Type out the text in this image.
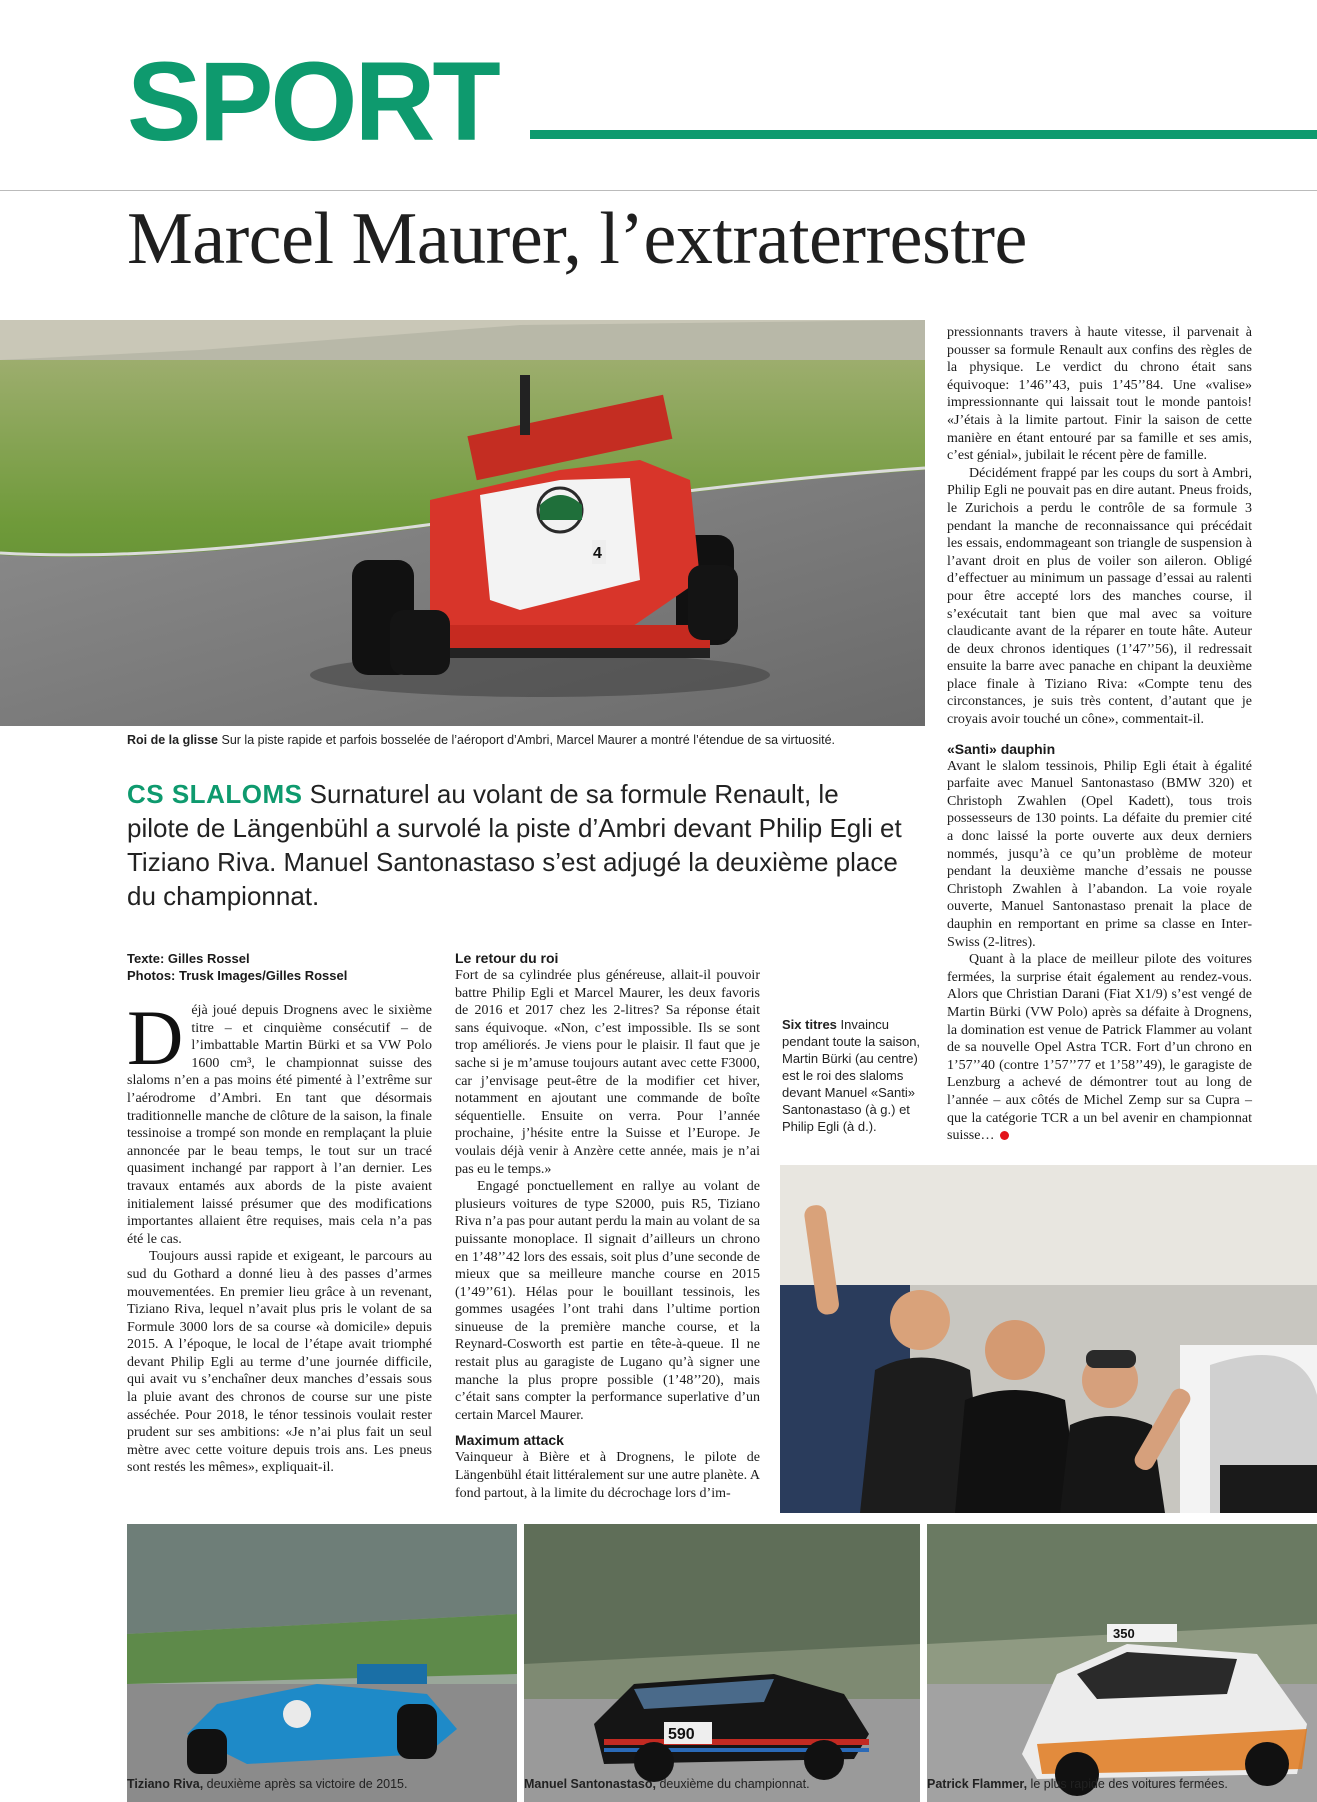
SPORT
Marcel Maurer, l’extraterrestre
4
Roi de la glisse Sur la piste rapide et parfois bosselée de l’aéroport d’Ambri, Marcel Maurer a montré l’étendue de sa virtuosité.
CS SLALOMS Surnaturel au volant de sa formule Renault, le pilote de Längenbühl a survolé la piste d’Ambri devant Philip Egli et Tiziano Riva. Manuel Santonastaso s’est adjugé la deuxième place du championnat.
Texte: Gilles Rossel
Photos: Trusk Images/Gilles Rossel

Déjà joué depuis Drognens avec le sixième titre – et cinquième consécutif – de l’imbattable Martin Bürki et sa VW Polo 1600 cm³, le championnat suisse des slaloms n’en a pas moins été pimenté à l’extrême sur l’aérodrome d’Ambri. En tant que désormais traditionnelle manche de clôture de la saison, la finale tessinoise a trompé son monde en remplaçant la pluie annoncée par le beau temps, le tout sur un tracé quasiment inchangé par rapport à l’an dernier. Les travaux entamés aux abords de la piste avaient initialement laissé présumer que des modifications importantes allaient être requises, mais cela n’a pas été le cas.

Toujours aussi rapide et exigeant, le parcours au sud du Gothard a donné lieu à des passes d’armes mouvementées. En premier lieu grâce à un revenant, Tiziano Riva, lequel n’avait plus pris le volant de sa Formule 3000 lors de sa course «à domicile» depuis 2015. A l’époque, le local de l’étape avait triomphé devant Philip Egli au terme d’une journée difficile, qui avait vu s’enchaîner deux manches d’essais sous la pluie avant des chronos de course sur une piste asséchée. Pour 2018, le ténor tessinois voulait rester prudent sur ses ambitions: «Je n’ai plus fait un seul mètre avec cette voiture depuis trois ans. Les pneus sont restés les mêmes», expliquait-il.

Le retour du roi

Fort de sa cylindrée plus généreuse, allait-il pouvoir battre Philip Egli et Marcel Maurer, les deux favoris de 2016 et 2017 chez les 2-litres? Sa réponse était sans équivoque. «Non, c’est impossible. Ils se sont trop améliorés. Je viens pour le plaisir. Il faut que je sache si je m’amuse toujours autant avec cette F3000, car j’envisage peut-être de la modifier cet hiver, notamment en ajoutant une commande de boîte séquentielle. Ensuite on verra. Pour l’année prochaine, j’hésite entre la Suisse et l’Europe. Je voulais déjà venir à Anzère cette année, mais je n’ai pas eu le temps.»

Engagé ponctuellement en rallye au volant de plusieurs voitures de type S2000, puis R5, Tiziano Riva n’a pas pour autant perdu la main au volant de sa puissante monoplace. Il signait d’ailleurs un chrono en 1’48’’42 lors des essais, soit plus d’une seconde de mieux que sa meilleure manche course en 2015 (1’49’’61). Hélas pour le bouillant tessinois, les gommes usagées l’ont trahi dans l’ultime portion sinueuse de la première manche course, et la Reynard-Cosworth est partie en tête-à-queue. Il ne restait plus au garagiste de Lugano qu’à signer une manche la plus propre possible (1’48’’20), mais c’était sans compter la performance superlative d’un certain Marcel Maurer.

Maximum attack

Vainqueur à Bière et à Drognens, le pilote de Längenbühl était littéralement sur une autre planète. A fond partout, à la limite du décrochage lors d’im-

Six titres Invaincu pendant toute la saison, Martin Bürki (au centre) est le roi des slaloms devant Manuel «Santi» Santonastaso (à g.) et Philip Egli (à d.).

pressionnants travers à haute vitesse, il parvenait à pousser sa formule Renault aux confins des règles de la physique. Le verdict du chrono était sans équivoque: 1’46’’43, puis 1’45’’84. Une «valise» impressionnante qui laissait tout le monde pantois! «J’étais à la limite partout. Finir la saison de cette manière en étant entouré par sa famille et ses amis, c’est génial», jubilait le récent père de famille.

Décidément frappé par les coups du sort à Ambri, Philip Egli ne pouvait pas en dire autant. Pneus froids, le Zurichois a perdu le contrôle de sa formule 3 pendant la manche de reconnaissance qui précédait les essais, endommageant son triangle de suspension à l’avant droit en plus de voiler son aileron. Obligé d’effectuer au minimum un passage d’essai au ralenti pour être accepté lors des manches course, il s’exécutait tant bien que mal avec sa voiture claudicante avant de la réparer en toute hâte. Auteur de deux chronos identiques (1’47’’56), il redressait ensuite la barre avec panache en chipant la deuxième place finale à Tiziano Riva: «Compte tenu des circonstances, je suis très content, d’autant que je croyais avoir touché un cône», commentait-il.

«Santi» dauphin

Avant le slalom tessinois, Philip Egli était à égalité parfaite avec Manuel Santonastaso (BMW 320) et Christoph Zwahlen (Opel Kadett), tous trois possesseurs de 130 points. La défaite du premier cité a donc laissé la porte ouverte aux deux derniers nommés, jusqu’à ce qu’un problème de moteur pendant la deuxième manche d’essais ne pousse Christoph Zwahlen à l’abandon. La voie royale ouverte, Manuel Santonastaso prenait la place de dauphin en remportant en prime sa classe en Inter-Swiss (2-litres).

Quant à la place de meilleur pilote des voitures fermées, la surprise était également au rendez-vous. Alors que Christian Darani (Fiat X1/9) s’est vengé de Martin Bürki (VW Polo) après sa défaite à Drognens, la domination est venue de Patrick Flammer au volant de sa nouvelle Opel Astra TCR. Fort d’un chrono en 1’57’’40 (contre 1’57’’77 et 1’58’’49), le garagiste de Lenzburg a achevé de démontrer tout au long de l’année – aux côtés de Michel Zemp sur sa Cupra – que la catégorie TCR a un bel avenir en championnat suisse…

Tiziano Riva, deuxième après sa victoire de 2015.
590
Manuel Santonastaso, deuxième du championnat.
350
Patrick Flammer, le plus rapide des voitures fermées.
